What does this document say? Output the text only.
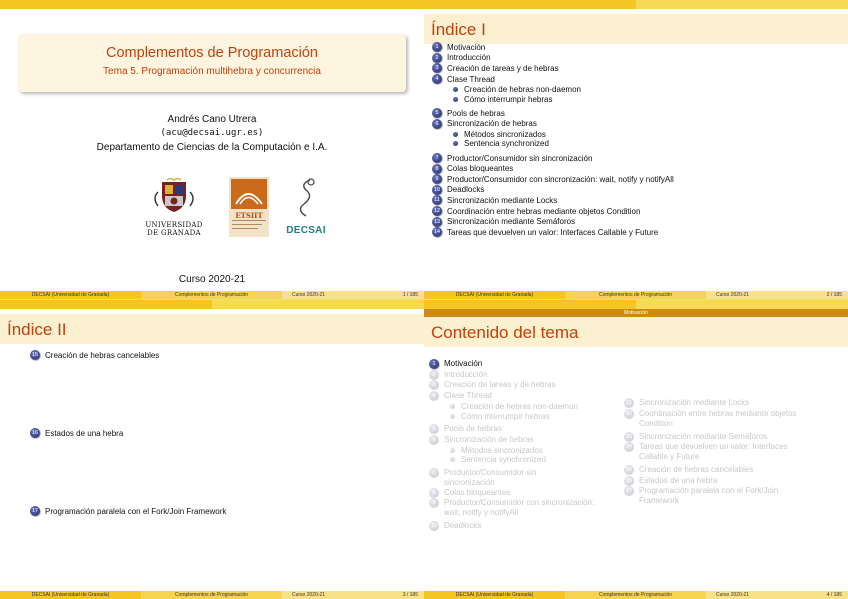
Complementos de Programación
Tema 5. Programación multihebra y concurrencia
Andrés Cano Utrera
(acu@decsai.ugr.es)
Departamento de Ciencias de la Computación e I.A.
UNIVERSIDAD
DE GRANADA
ETSIIT
DECSAI
Curso 2020-21
DECSAI (Universidad de Granada)	Complementos de Programación	Curso 2020-21	1 / 185
Índice I
1	Motivación
2	Introducción
3	Creación de tareas y de hebras
4	Clase Thread
Creación de hebras non-daemon
Cómo interrumpir hebras
5	Pools de hebras
6	Sincronización de hebras
Métodos sincronizados
Sentencia synchronized
7	Productor/Consumidor sin sincronización
8	Colas bloqueantes
9	Productor/Consumidor con sincronización: wait, notify y notifyAll
10 Deadlocks
11 Sincronización mediante Locks
12 Coordinación entre hebras mediante objetos Condition
13 Sincronización mediante Semáforos
14 Tareas que devuelven un valor: Interfaces Callable y Future
DECSAI (Universidad de Granada)	Complementos de Programación	Curso 2020-21	2 / 185
Índice II
15 Creación de hebras cancelables
16 Estados de una hebra
17 Programación paralela con el Fork/Join Framework
DECSAI (Universidad de Granada)	Complementos de Programación	Curso 2020-21	3 / 185
Motivación
Contenido del tema
1	Motivación
2	Introducción
3	Creación de tareas y de hebras
4	Clase Thread
Creación de hebras non-daemon
Cómo interrumpir hebras
5	Pools de hebras
6	Sincronización de hebras
Métodos sincronizados
Sentencia synchronized
7	Productor/Consumidor sin sincronización
8	Colas bloqueantes
9	Productor/Consumidor con sincronización: wait, notify y notifyAll
10 Deadlocks
11 Sincronización mediante Locks
12 Coordinación entre hebras mediante objetos Condition
13 Sincronización mediante Semáforos
14 Tareas que devuelven un valor: Interfaces Callable y Future
15 Creación de hebras cancelables
16 Estados de una hebra
17 Programación paralela con el Fork/Join Framework
DECSAI (Universidad de Granada)	Complementos de Programación	Curso 2020-21	4 / 185
